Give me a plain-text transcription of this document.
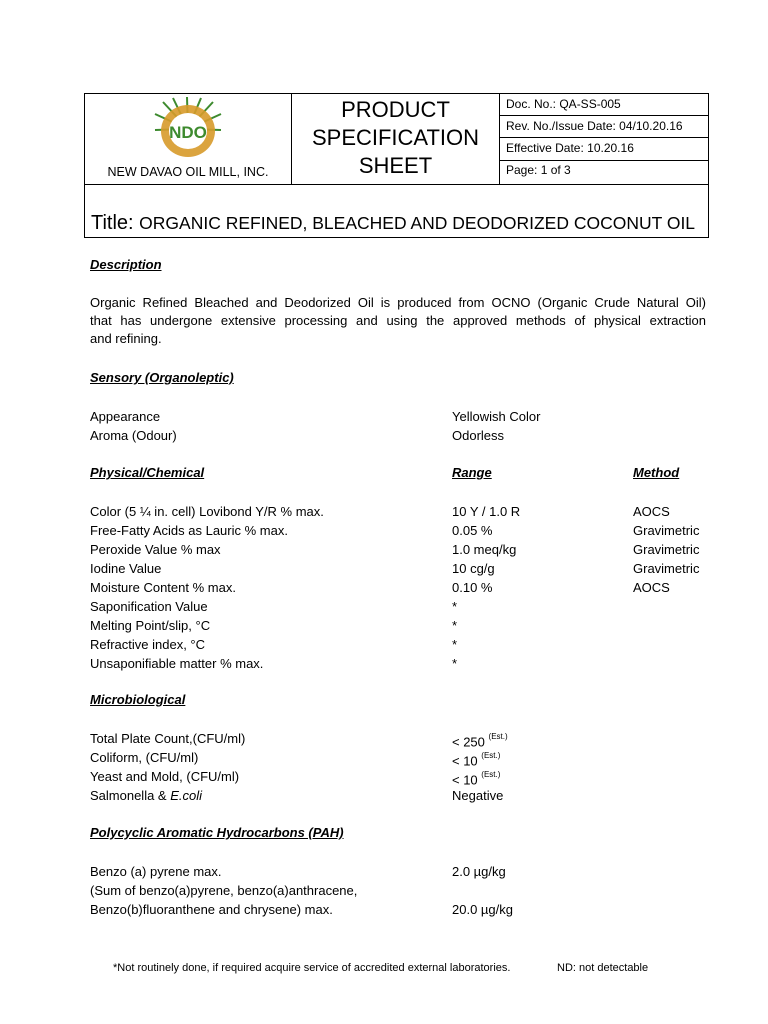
NDO
NEW DAVAO OIL MILL, INC.
PRODUCT
SPECIFICATION
SHEET
Doc. No.: QA-SS-005
Rev. No./Issue Date: 04/10.20.16
Effective Date: 10.20.16
Page: 1 of 3
Title: ORGANIC REFINED, BLEACHED AND DEODORIZED COCONUT OIL
Description
Organic Refined Bleached and Deodorized Oil is produced from OCNO (Organic Crude Natural Oil)
that has undergone extensive processing and using the approved methods of physical extraction
and refining.
Sensory (Organoleptic)
Appearance	Yellowish Color
Aroma (Odour)	Odorless
Physical/Chemical	Range	Method
Color (5 ¼ in. cell) Lovibond Y/R % max.	10 Y / 1.0 R	AOCS
Free-Fatty Acids as Lauric % max.	0.05 %	Gravimetric
Peroxide Value % max	1.0 meq/kg	Gravimetric
Iodine Value	10 cg/g	Gravimetric
Moisture Content % max.	0.10 %	AOCS
Saponification Value	*
Melting Point/slip, °C	*
Refractive index, °C	*
Unsaponifiable matter % max.	*
Microbiological
Total Plate Count,(CFU/ml)	< 250 $^{(Est.)}$
Coliform, (CFU/ml)	< 10 $^{(Est.)}$
Yeast and Mold, (CFU/ml)	< 10 $^{(Est.)}$
Salmonella & E.coli	Negative
Polycyclic Aromatic Hydrocarbons (PAH)
Benzo (a) pyrene max.	2.0 µg/kg
(Sum of benzo(a)pyrene, benzo(a)anthracene,
Benzo(b)fluoranthene and chrysene) max.	20.0 µg/kg
*Not routinely done, if required acquire service of accredited external laboratories.	ND: not detectable
